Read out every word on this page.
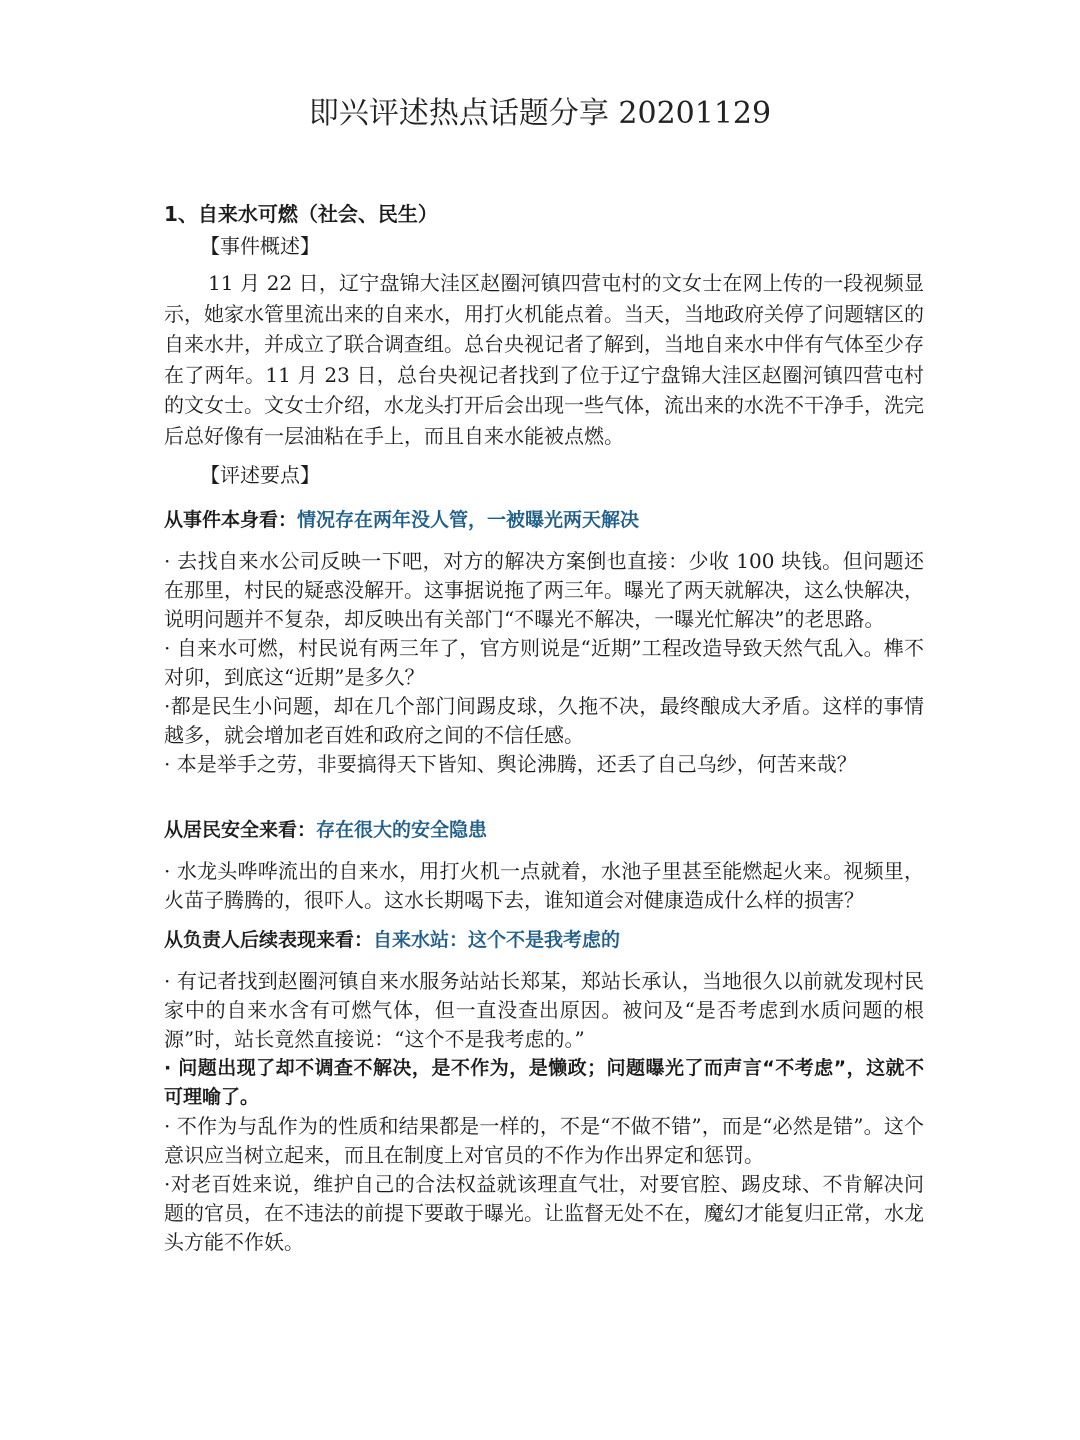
即兴评述热点话题分享 20201129

1、自来水可燃（社会、民生）

【事件概述】

11 月 22 日，辽宁盘锦大洼区赵圈河镇四营屯村的文女士在网上传的一段视频显示，她家水管里流出来的自来水，用打火机能点着。当天，当地政府关停了问题辖区的自来水井，并成立了联合调查组。总台央视记者了解到，当地自来水中伴有气体至少存在了两年。11 月 23 日，总台央视记者找到了位于辽宁盘锦大洼区赵圈河镇四营屯村的文女士。文女士介绍，水龙头打开后会出现一些气体，流出来的水洗不干净手，洗完后总好像有一层油粘在手上，而且自来水能被点燃。

【评述要点】

从事件本身看：情况存在两年没人管，一被曝光两天解决

· 去找自来水公司反映一下吧，对方的解决方案倒也直接：少收 100 块钱。但问题还在那里，村民的疑惑没解开。这事据说拖了两三年。曝光了两天就解决，这么快解决，说明问题并不复杂，却反映出有关部门“不曝光不解决，一曝光忙解决”的老思路。

· 自来水可燃，村民说有两三年了，官方则说是“近期”工程改造导致天然气乱入。榫不对卯，到底这“近期”是多久？

·都是民生小问题，却在几个部门间踢皮球，久拖不决，最终酿成大矛盾。这样的事情越多，就会增加老百姓和政府之间的不信任感。

· 本是举手之劳，非要搞得天下皆知、舆论沸腾，还丢了自己乌纱，何苦来哉？

从居民安全来看：存在很大的安全隐患

· 水龙头哗哗流出的自来水，用打火机一点就着，水池子里甚至能燃起火来。视频里，火苗子腾腾的，很吓人。这水长期喝下去，谁知道会对健康造成什么样的损害？

从负责人后续表现来看：自来水站：这个不是我考虑的

· 有记者找到赵圈河镇自来水服务站站长郑某，郑站长承认，当地很久以前就发现村民家中的自来水含有可燃气体，但一直没查出原因。被问及“是否考虑到水质问题的根源”时，站长竟然直接说：“这个不是我考虑的。”

· 问题出现了却不调查不解决，是不作为，是懒政；问题曝光了而声言“不考虑”，这就不可理喻了。

· 不作为与乱作为的性质和结果都是一样的，不是“不做不错”，而是“必然是错”。这个意识应当树立起来，而且在制度上对官员的不作为作出界定和惩罚。

·对老百姓来说，维护自己的合法权益就该理直气壮，对要官腔、踢皮球、不肯解决问题的官员，在不违法的前提下要敢于曝光。让监督无处不在，魔幻才能复归正常，水龙头方能不作妖。
